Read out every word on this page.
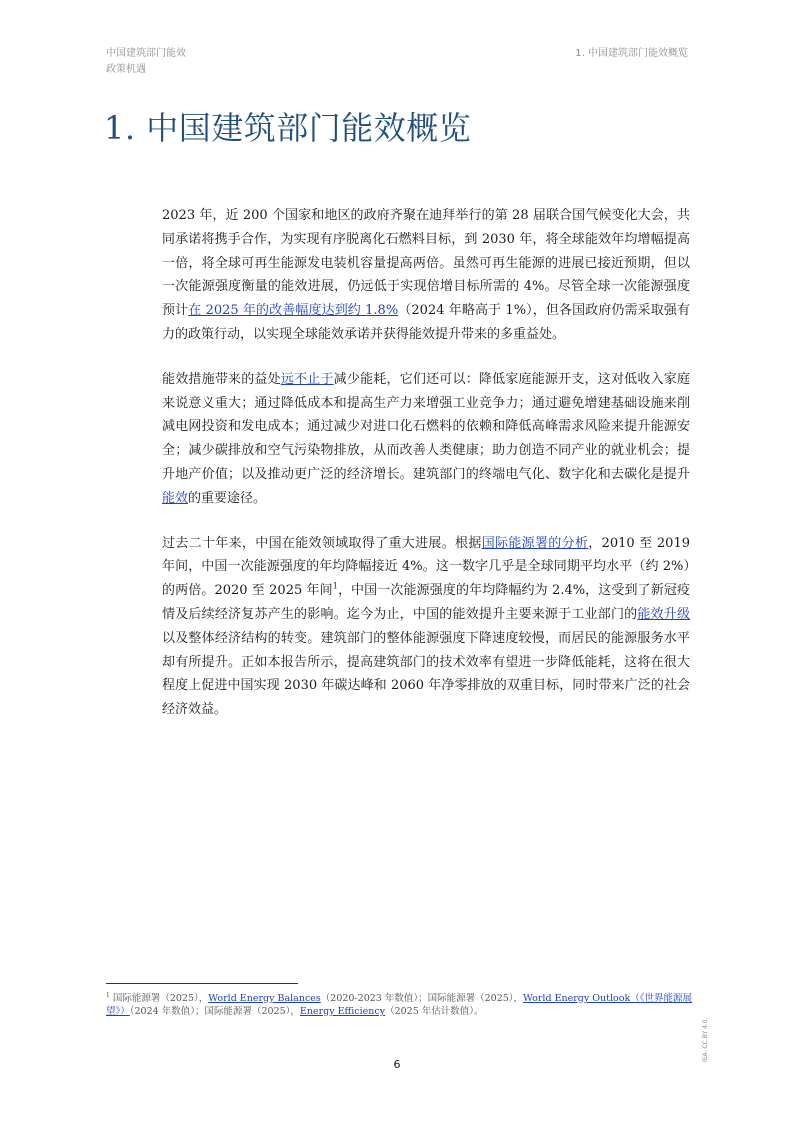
中国建筑部门能效
政策机遇
1. 中国建筑部门能效概览
1. 中国建筑部门能效概览

2023 年，近 200 个国家和地区的政府齐聚在迪拜举行的第 28 届联合国气候变化大会，共同承诺将携手合作，为实现有序脱离化石燃料目标，到 2030 年，将全球能效年均增幅提高一倍，将全球可再生能源发电装机容量提高两倍。虽然可再生能源的进展已接近预期，但以一次能源强度衡量的能效进展，仍远低于实现倍增目标所需的 4%。尽管全球一次能源强度预计在 2025 年的改善幅度达到约 1.8%（2024 年略高于 1%），但各国政府仍需采取强有力的政策行动，以实现全球能效承诺并获得能效提升带来的多重益处。

能效措施带来的益处远不止于减少能耗，它们还可以：降低家庭能源开支，这对低收入家庭来说意义重大；通过降低成本和提高生产力来增强工业竞争力；通过避免增建基础设施来削减电网投资和发电成本；通过减少对进口化石燃料的依赖和降低高峰需求风险来提升能源安全；减少碳排放和空气污染物排放，从而改善人类健康；助力创造不同产业的就业机会；提升地产价值；以及推动更广泛的经济增长。建筑部门的终端电气化、数字化和去碳化是提升能效的重要途径。

过去二十年来，中国在能效领域取得了重大进展。根据国际能源署的分析，2010 至 2019 年间，中国一次能源强度的年均降幅接近 4%。这一数字几乎是全球同期平均水平（约 2%）的两倍。2020 至 2025 年间$^1$，中国一次能源强度的年均降幅约为 2.4%，这受到了新冠疫情及后续经济复苏产生的影响。迄今为止，中国的能效提升主要来源于工业部门的能效升级以及整体经济结构的转变。建筑部门的整体能源强度下降速度较慢，而居民的能源服务水平却有所提升。正如本报告所示，提高建筑部门的技术效率有望进一步降低能耗，这将在很大程度上促进中国实现 2030 年碳达峰和 2060 年净零排放的双重目标，同时带来广泛的社会经济效益。

$^1$ 国际能源署（2025），World Energy Balances（2020-2023 年数值）；国际能源署（2025），World Energy Outlook（《世界能源展望》）（2024 年数值）；国际能源署（2025），Energy Efficiency（2025 年估计数值）。
6
IEA. CC BY 4.0.
